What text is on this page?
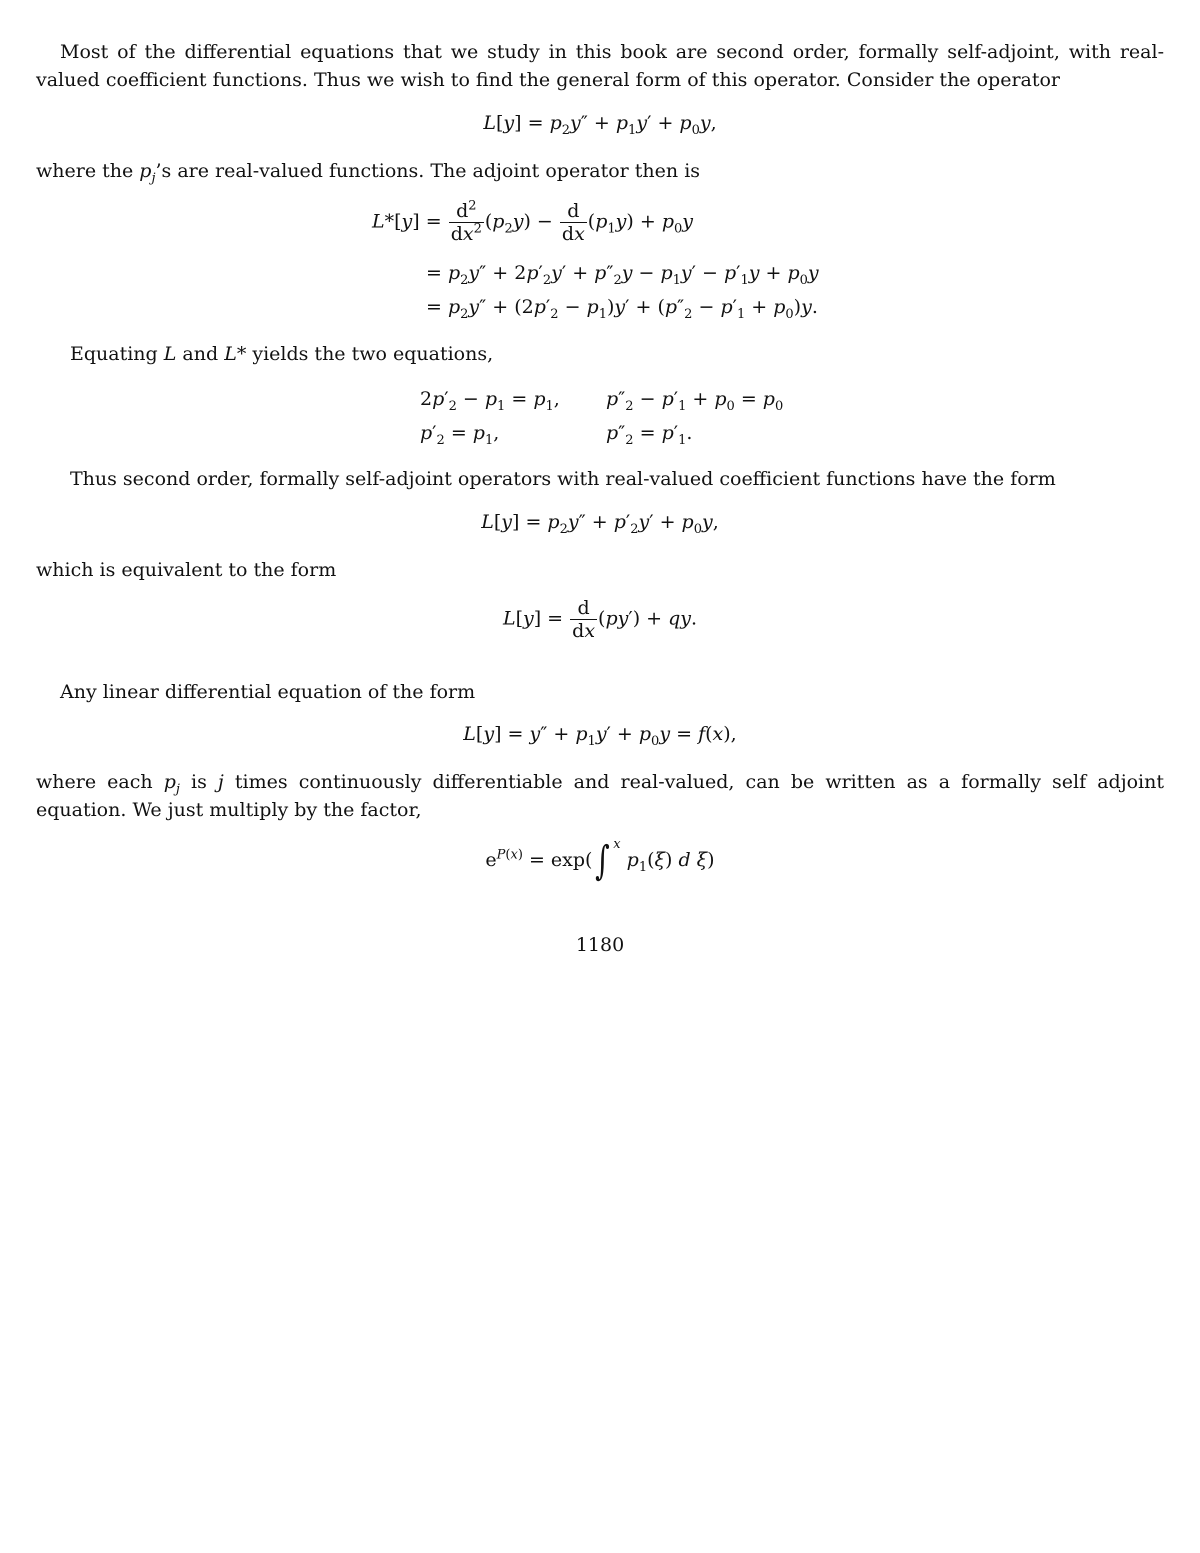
Most of the differential equations that we study in this book are second order, formally self-adjoint, with real-valued coefficient functions. Thus we wish to find the general form of this operator. Consider the operator

$L[y] = p_2y'' + p_1y' + p_0y$,

where the $p_j’s$ are real-valued functions. The adjoint operator then is

$L*[y] = \frac{d^2}{dx^2} (p_2y) - \frac{d}{dx} (p_1y) + p_0y$
= $p_2y'' + 2p'_2y' + p''_2y - p_1y' - p'_1y + p_0y$
= $p_2y'' + (2p'_2 - p_1)y' + (p''_2 - p'_1 + p_0)y$.

Equating L and L* yields the two equations,

$2p'_2 - p_1 = p_1$, $p''_2 - p'_1 + p_0 = p_0$
$p'_2 = p_1$,	$p''_2 = p'_1$.

Thus second order, formally self-adjoint operators with real-valued coefficient functions have the form

$L[y] = p_2y'' + p'_2y' + p_0y$,

which is equivalent to the form

$L[y] = \frac{d}{dx} (py')$ + qy.

Any linear differential equation of the form

$L[y] = y'' + p_1y' + p_0y = f(x)$,

where each $p_j$ is j times continuously differentiable and real-valued, can be written as a formally self adjoint equation. We just multiply by the factor,

$e^{P(x)} = \exp(\int$ $^x$ $p_1(\xi)$ d ξ)
1180
